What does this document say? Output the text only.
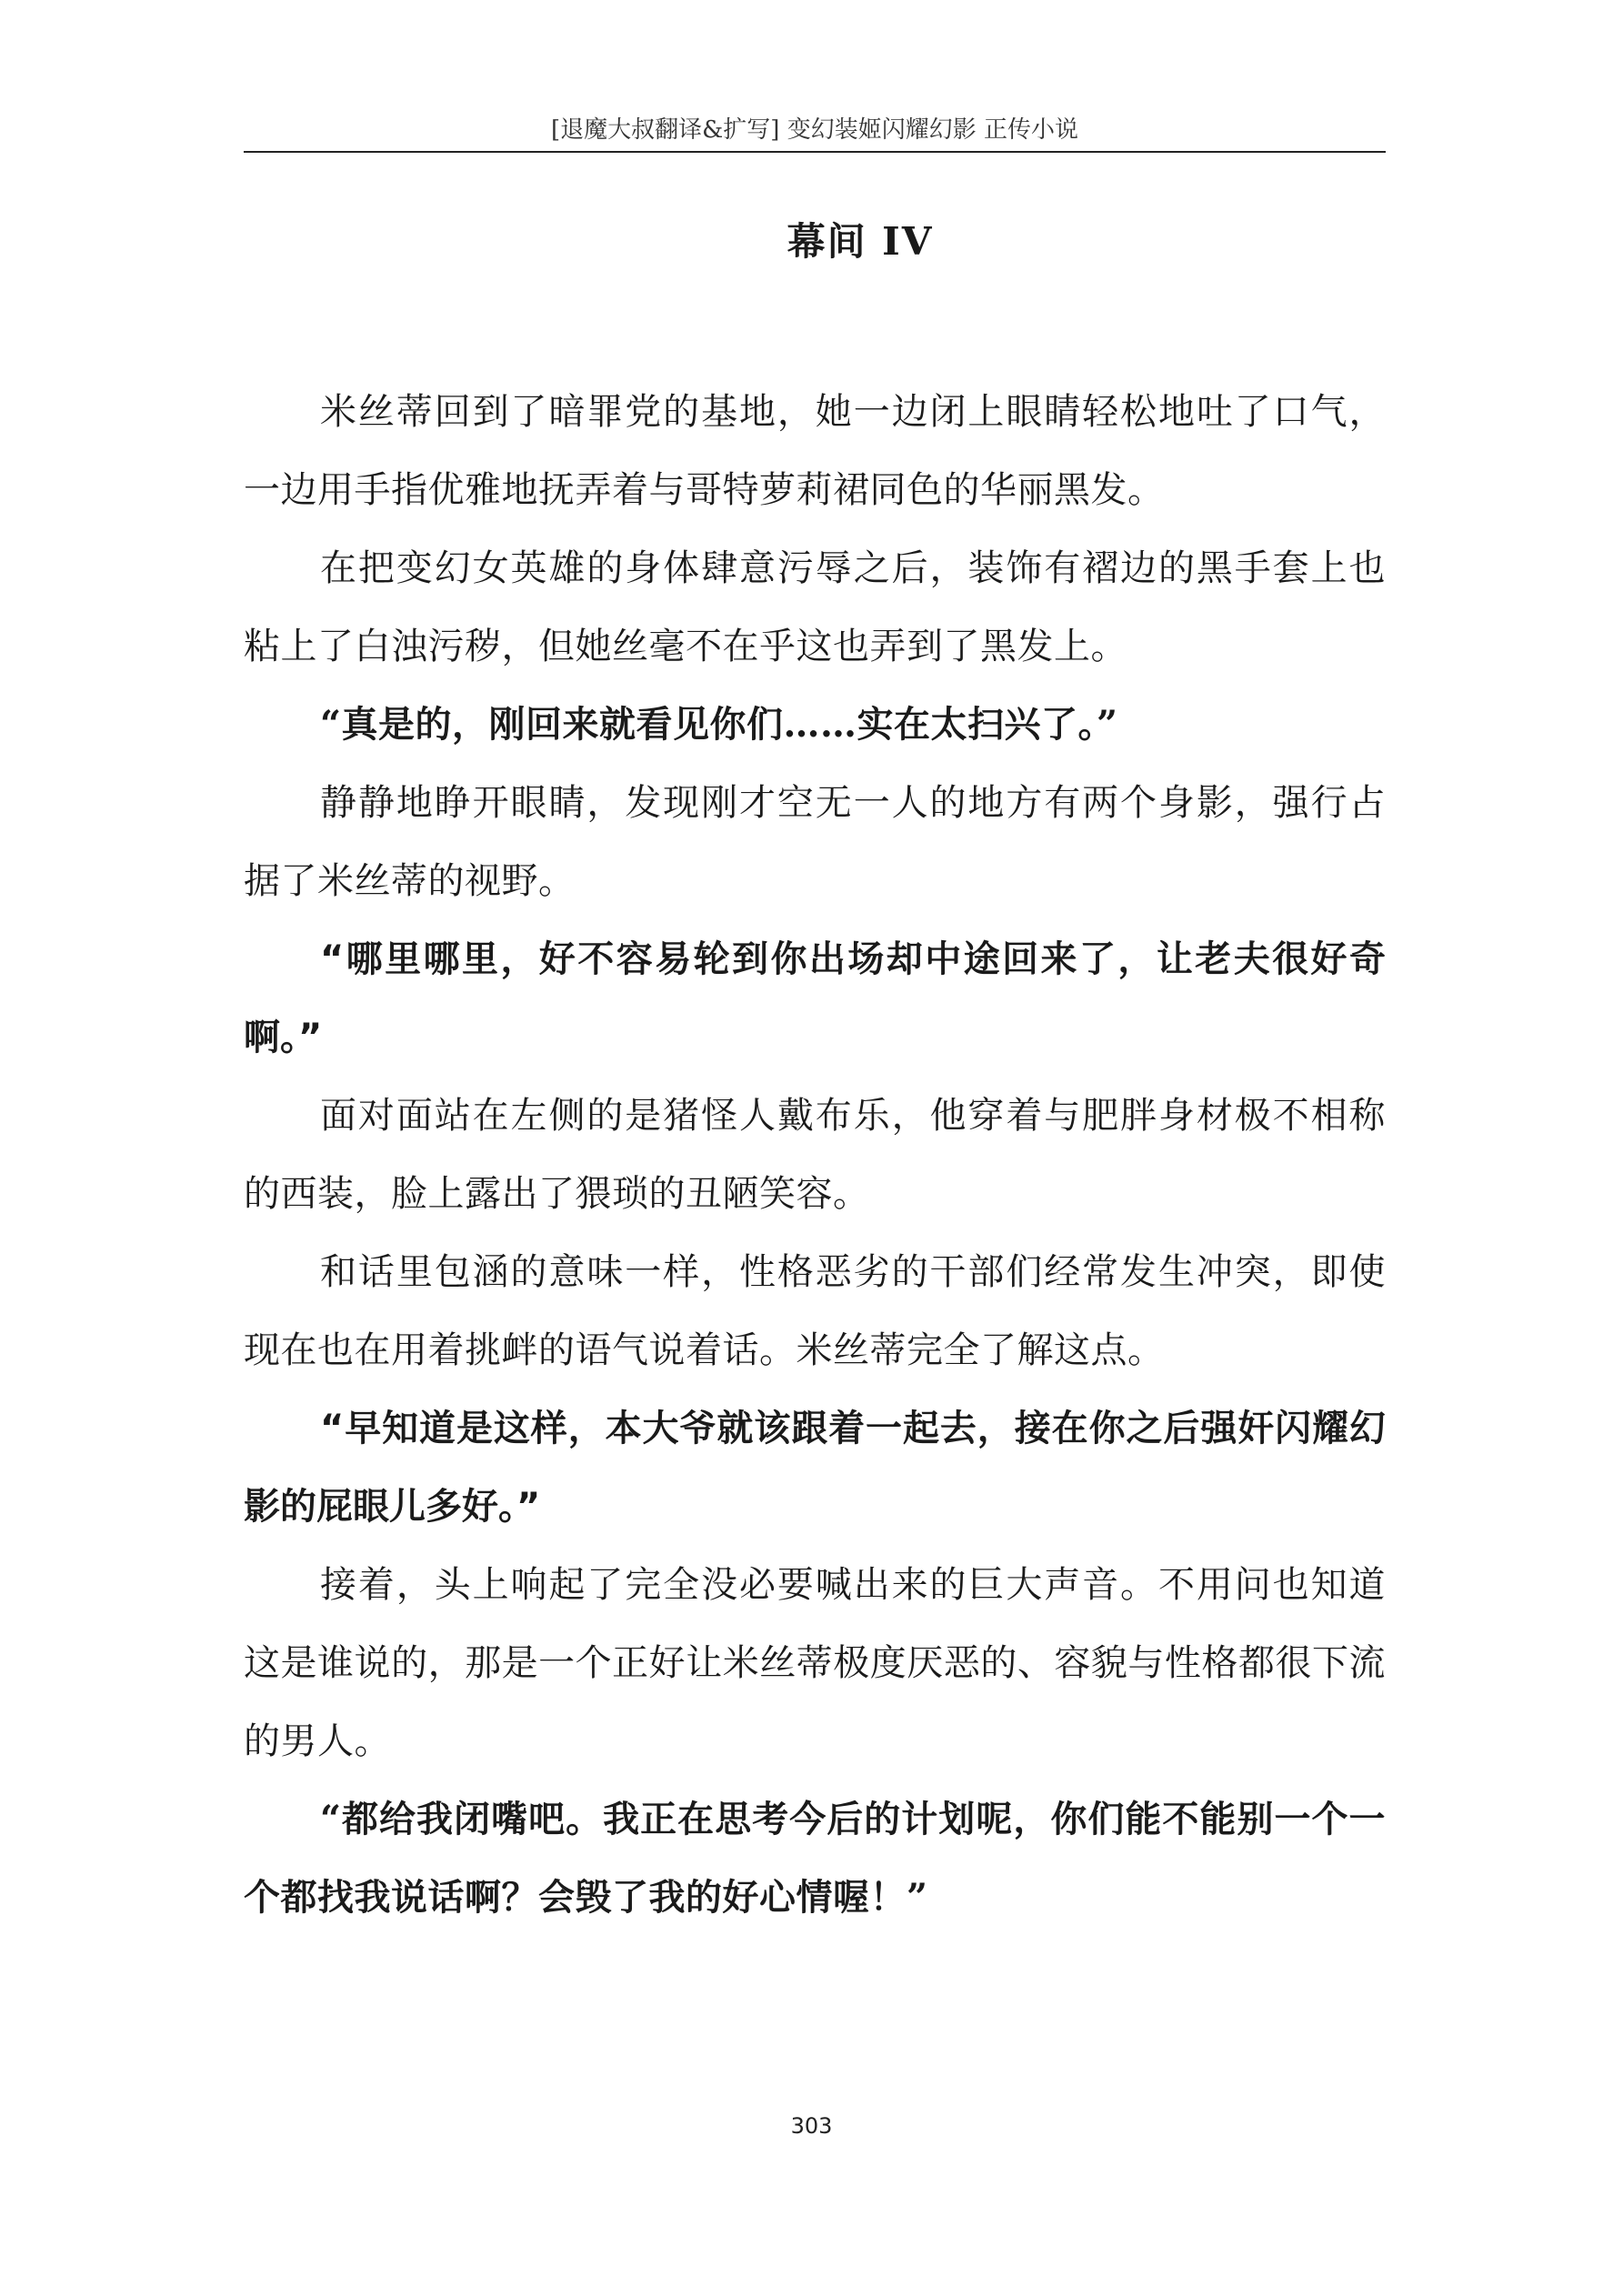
[退魔大叔翻译&扩写] 变幻装姬闪耀幻影 正传小说
幕间 IV

米丝蒂回到了暗罪党的基地，她一边闭上眼睛轻松地吐了口气，一边用手指优雅地抚弄着与哥特萝莉裙同色的华丽黑发。

在把变幻女英雄的身体肆意污辱之后，装饰有褶边的黑手套上也粘上了白浊污秽，但她丝毫不在乎这也弄到了黑发上。

“真是的，刚回来就看见你们……实在太扫兴了。”

静静地睁开眼睛，发现刚才空无一人的地方有两个身影，强行占据了米丝蒂的视野。

“哪里哪里，好不容易轮到你出场却中途回来了，让老夫很好奇啊。”

面对面站在左侧的是猪怪人戴布乐，他穿着与肥胖身材极不相称的西装，脸上露出了猥琐的丑陋笑容。

和话里包涵的意味一样，性格恶劣的干部们经常发生冲突，即使现在也在用着挑衅的语气说着话。米丝蒂完全了解这点。

“早知道是这样，本大爷就该跟着一起去，接在你之后强奸闪耀幻影的屁眼儿多好。”

接着，头上响起了完全没必要喊出来的巨大声音。不用问也知道这是谁说的，那是一个正好让米丝蒂极度厌恶的、容貌与性格都很下流的男人。

“都给我闭嘴吧。我正在思考今后的计划呢，你们能不能别一个一个都找我说话啊？会毁了我的好心情喔！”

303
